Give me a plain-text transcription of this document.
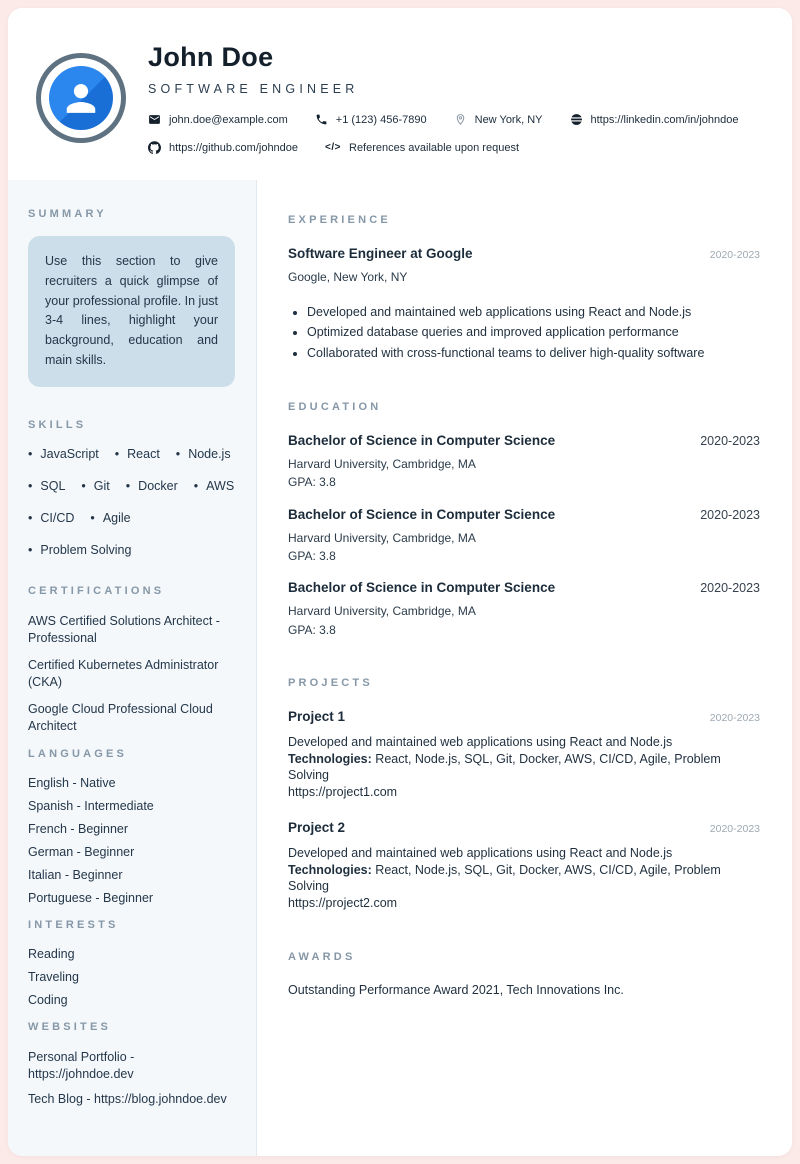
John Doe
SOFTWARE ENGINEER
john.doe@example.com	+1 (123) 456-7890	New York, NY	https://linkedin.com/in/johndoe
https://github.com/johndoe	</> References available upon request
SUMMARY
Use this section to give recruiters a quick glimpse of your professional profile. In just 3-4 lines, highlight your background, education and main skills.
SKILLS
• JavaScript	• React	• Node.js
• SQL	• Git	• Docker	• AWS
• CI/CD	• Agile
• Problem Solving
CERTIFICATIONS
AWS Certified Solutions Architect - Professional
Certified Kubernetes Administrator (CKA)
Google Cloud Professional Cloud Architect
LANGUAGES
English - Native
Spanish - Intermediate
French - Beginner
German - Beginner
Italian - Beginner
Portuguese - Beginner
INTERESTS
Reading
Traveling
Coding
WEBSITES
Personal Portfolio - https://johndoe.dev
Tech Blog - https://blog.johndoe.dev
EXPERIENCE
Software Engineer at Google	2020-2023
Google, New York, NY
• Developed and maintained web applications using React and Node.js
• Optimized database queries and improved application performance
• Collaborated with cross-functional teams to deliver high-quality software
EDUCATION
Bachelor of Science in Computer Science	2020-2023
Harvard University, Cambridge, MA
GPA: 3.8
Bachelor of Science in Computer Science	2020-2023
Harvard University, Cambridge, MA
GPA: 3.8
Bachelor of Science in Computer Science	2020-2023
Harvard University, Cambridge, MA
GPA: 3.8
PROJECTS
Project 1	2020-2023
Developed and maintained web applications using React and Node.js
Technologies: React, Node.js, SQL, Git, Docker, AWS, CI/CD, Agile, Problem Solving
https://project1.com
Project 2	2020-2023
Developed and maintained web applications using React and Node.js
Technologies: React, Node.js, SQL, Git, Docker, AWS, CI/CD, Agile, Problem Solving
https://project2.com
AWARDS
Outstanding Performance Award 2021, Tech Innovations Inc.
